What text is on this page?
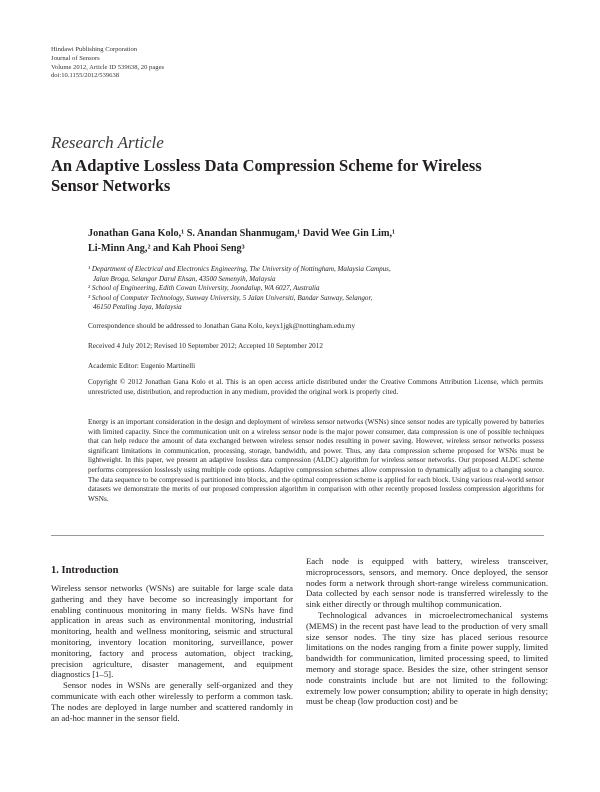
Hindawi Publishing Corporation
Journal of Sensors
Volume 2012, Article ID 539638, 20 pages
doi:10.1155/2012/539638
Research Article
An Adaptive Lossless Data Compression Scheme for Wireless Sensor Networks
Jonathan Gana Kolo,¹ S. Anandan Shanmugam,¹ David Wee Gin Lim,¹
Li-Minn Ang,² and Kah Phooi Seng³
¹ Department of Electrical and Electronics Engineering, The University of Nottingham, Malaysia Campus,
Jalan Broga, Selangor Darul Ehsan, 43500 Semenyih, Malaysia
² School of Engineering, Edith Cowan University, Joondalup, WA 6027, Australia
³ School of Computer Technology, Sunway University, 5 Jalan Universiti, Bandar Sunway, Selangor,
46150 Petaling Jaya, Malaysia
Correspondence should be addressed to Jonathan Gana Kolo, keyx1jgk@nottingham.edu.my
Received 4 July 2012; Revised 10 September 2012; Accepted 10 September 2012
Academic Editor: Eugenio Martinelli
Copyright © 2012 Jonathan Gana Kolo et al. This is an open access article distributed under the Creative Commons Attribution License, which permits unrestricted use, distribution, and reproduction in any medium, provided the original work is properly cited.
Energy is an important consideration in the design and deployment of wireless sensor networks (WSNs) since sensor nodes are typically powered by batteries with limited capacity. Since the communication unit on a wireless sensor node is the major power consumer, data compression is one of possible techniques that can help reduce the amount of data exchanged between wireless sensor nodes resulting in power saving. However, wireless sensor networks possess significant limitations in communication, processing, storage, bandwidth, and power. Thus, any data compression scheme proposed for WSNs must be lightweight. In this paper, we present an adaptive lossless data compression (ALDC) algorithm for wireless sensor networks. Our proposed ALDC scheme performs compression losslessly using multiple code options. Adaptive compression schemes allow compression to dynamically adjust to a changing source. The data sequence to be compressed is partitioned into blocks, and the optimal compression scheme is applied for each block. Using various real-world sensor datasets we demonstrate the merits of our proposed compression algorithm in comparison with other recently proposed lossless compression algorithms for WSNs.
1. Introduction

Wireless sensor networks (WSNs) are suitable for large scale data gathering and they have become so increasingly important for enabling continuous monitoring in many fields. WSNs have find application in areas such as environmental monitoring, industrial monitoring, health and wellness monitoring, seismic and structural monitoring, inventory location monitoring, surveillance, power monitoring, factory and process automation, object tracking, precision agriculture, disaster management, and equipment diagnostics [1–5].

Sensor nodes in WSNs are generally self-organized and they communicate with each other wirelessly to perform a common task. The nodes are deployed in large number and scattered randomly in an ad-hoc manner in the sensor field.

Each node is equipped with battery, wireless transceiver, microprocessors, sensors, and memory. Once deployed, the sensor nodes form a network through short-range wireless communication. Data collected by each sensor node is transferred wirelessly to the sink either directly or through multihop communication.

Technological advances in microelectromechanical systems (MEMS) in the recent past have lead to the production of very small size sensor nodes. The tiny size has placed serious resource limitations on the nodes ranging from a finite power supply, limited bandwidth for communication, limited processing speed, to limited memory and storage space. Besides the size, other stringent sensor node constraints include but are not limited to the following: extremely low power consumption; ability to operate in high density; must be cheap (low production cost) and be
